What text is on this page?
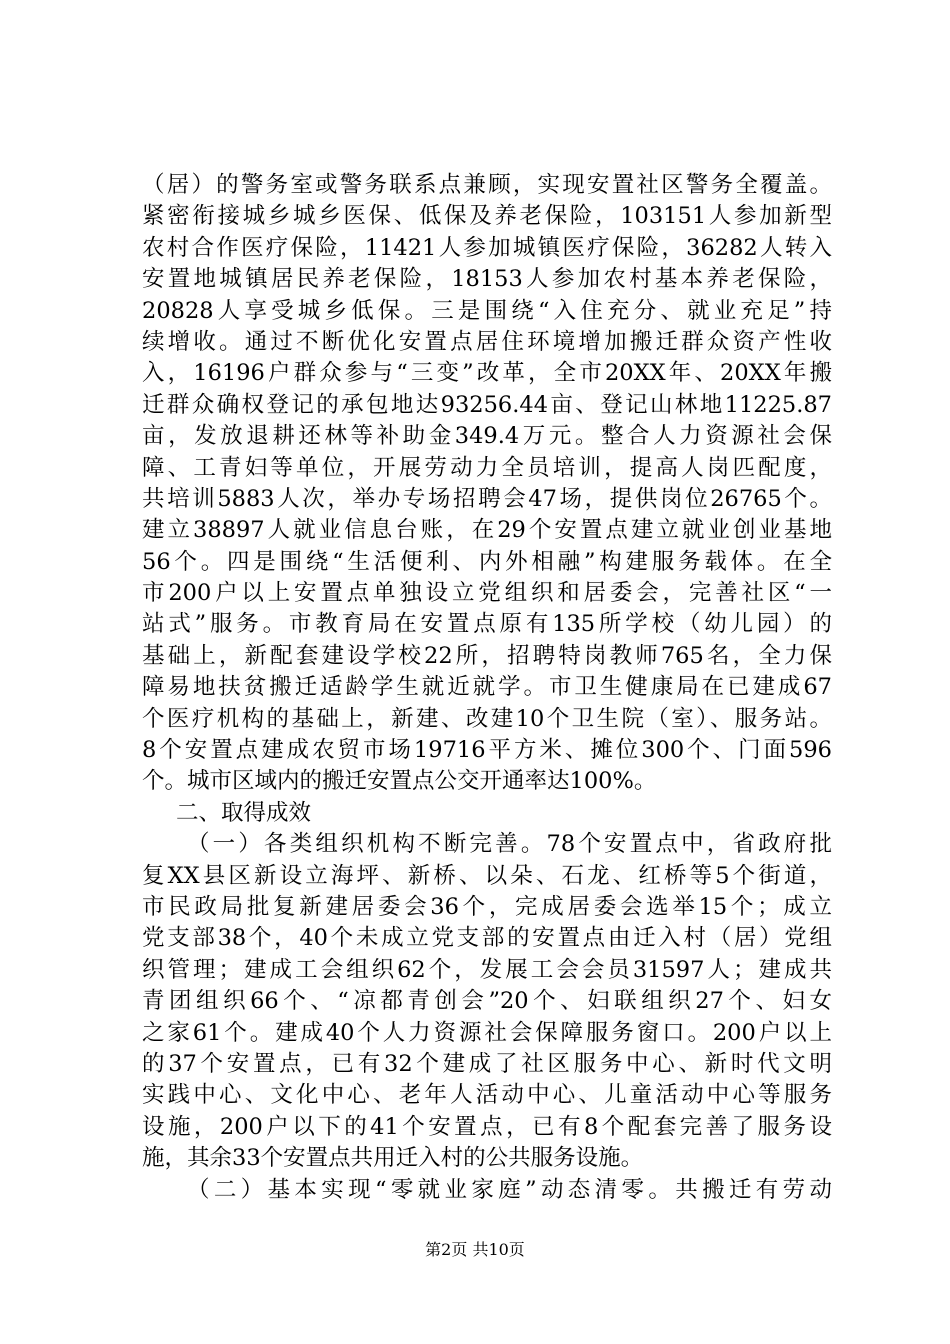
（居）的警务室或警务联系点兼顾，实现安置社区警务全覆盖。
紧密衔接城乡城乡医保、低保及养老保险，103151人参加新型
农村合作医疗保险，11421人参加城镇医疗保险，36282人转入
安置地城镇居民养老保险，18153人参加农村基本养老保险，
20828人享受城乡低保。三是围绕“入住充分、就业充足”持
续增收。通过不断优化安置点居住环境增加搬迁群众资产性收
入，16196户群众参与“三变”改革，全市20XX年、20XX年搬
迁群众确权登记的承包地达93256.44亩、登记山林地11225.87
亩，发放退耕还林等补助金349.4万元。整合人力资源社会保
障、工青妇等单位，开展劳动力全员培训，提高人岗匹配度，
共培训5883人次，举办专场招聘会47场，提供岗位26765个。
建立38897人就业信息台账，在29个安置点建立就业创业基地
56个。四是围绕“生活便利、内外相融”构建服务载体。在全
市200户以上安置点单独设立党组织和居委会，完善社区“一
站式”服务。市教育局在安置点原有135所学校（幼儿园）的
基础上，新配套建设学校22所，招聘特岗教师765名，全力保
障易地扶贫搬迁适龄学生就近就学。市卫生健康局在已建成67
个医疗机构的基础上，新建、改建10个卫生院（室）、服务站。
8个安置点建成农贸市场19716平方米、摊位300个、门面596
个。城市区域内的搬迁安置点公交开通率达100%。
二、取得成效
（一）各类组织机构不断完善。78个安置点中，省政府批
复XX县区新设立海坪、新桥、以朵、石龙、红桥等5个街道，
市民政局批复新建居委会36个，完成居委会选举15个；成立
党支部38个，40个未成立党支部的安置点由迁入村（居）党组
织管理；建成工会组织62个，发展工会会员31597人；建成共
青团组织66个、“凉都青创会”20个、妇联组织27个、妇女
之家61个。建成40个人力资源社会保障服务窗口。200户以上
的37个安置点，已有32个建成了社区服务中心、新时代文明
实践中心、文化中心、老年人活动中心、儿童活动中心等服务
设施，200户以下的41个安置点，已有8个配套完善了服务设
施，其余33个安置点共用迁入村的公共服务设施。
（二）基本实现“零就业家庭”动态清零。共搬迁有劳动
第2页 共10页
